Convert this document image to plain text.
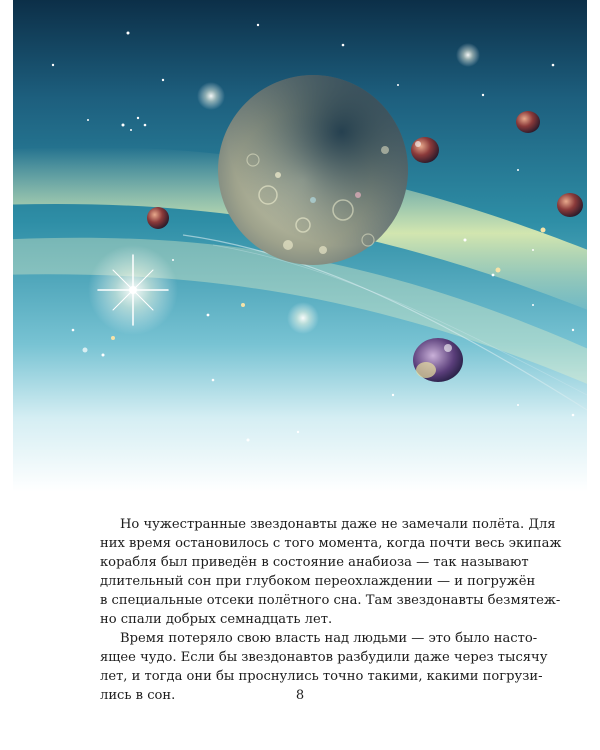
Но чужестранные звездонавты даже не замечали полёта. Для
них время остановилось с того момента, когда почти весь экипаж
корабля был приведён в состояние анабиоза — так называют
длительный сон при глубоком переохлаждении — и погружён
в специальные отсеки полётного сна. Там звездонавты безмятеж-
но спали добрых семнадцать лет.

Время потеряло свою власть над людьми — это было насто-
ящее чудо. Если бы звездонавтов разбудили даже через тысячу
лет, и тогда они бы проснулись точно такими, какими погрузи-
лись в сон.	8
